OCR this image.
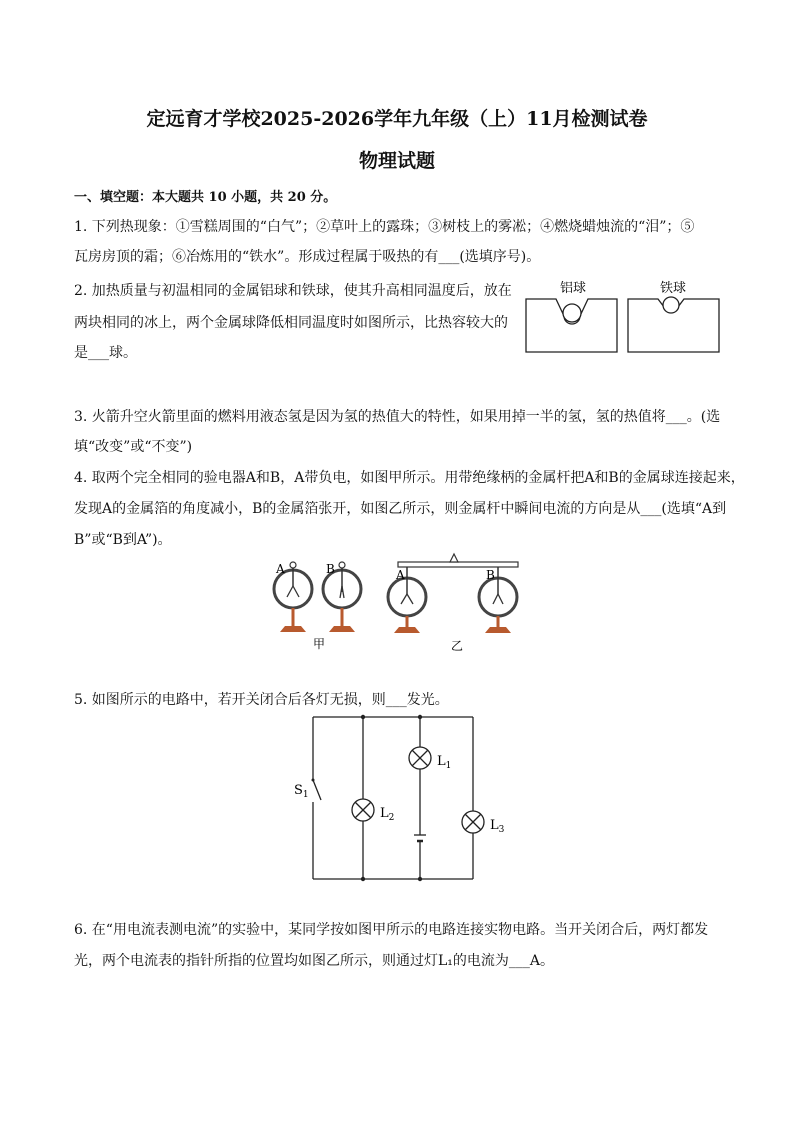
定远育才学校2025-2026学年九年级（上）11月检测试卷
物理试题
一、填空题：本大题共 10 小题，共 20 分。
1. 下列热现象：①雪糕周围的“白气”；②草叶上的露珠；③树枝上的雾凇；④燃烧蜡烛流的“泪”；⑤
瓦房房顶的霜；⑥冶炼用的“铁水”。形成过程属于吸热的有___(选填序号)。
2. 加热质量与初温相同的金属铝球和铁球，使其升高相同温度后，放在
两块相同的冰上，两个金属球降低相同温度时如图所示，比热容较大的
是___球。
铝球	铁球
3. 火箭升空火箭里面的燃料用液态氢是因为氢的热值大的特性，如果用掉一半的氢，氢的热值将___。(选
填“改变”或“不变”)
4. 取两个完全相同的验电器A和B，A带负电，如图甲所示。用带绝缘柄的金属杆把A和B的金属球连接起来，
发现A的金属箔的角度减小，B的金属箔张开，如图乙所示，则金属杆中瞬间电流的方向是从___(选填“A到
B”或“B到A”)。
A	B
甲
A	B
乙
5. 如图所示的电路中，若开关闭合后各灯无损，则___发光。
$S_1$
$L_1$
$L_2$	$L_3$
6. 在“用电流表测电流”的实验中，某同学按如图甲所示的电路连接实物电路。当开关闭合后，两灯都发
光，两个电流表的指针所指的位置均如图乙所示，则通过灯L₁的电流为___A。
